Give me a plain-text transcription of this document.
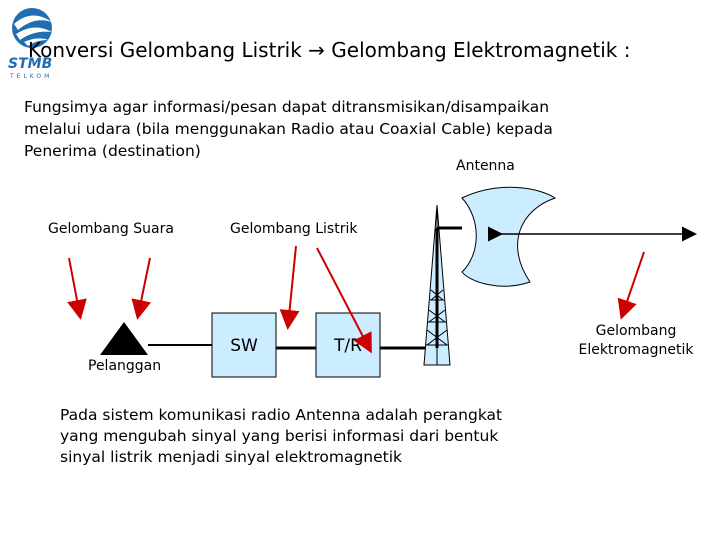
STMB
TELKOM
Konversi Gelombang Listrik → Gelombang Elektromagnetik :

Fungsimya agar informasi/pesan dapat ditransmisikan/disampaikan melalui udara (bila menggunakan Radio atau Coaxial Cable) kepada Penerima (destination)

SW	T/R
Antenna
Gelombang Suara	Gelombang Listrik
Pelanggan
Gelombang Elektromagnetik

Pada sistem komunikasi radio Antenna adalah perangkat yang mengubah sinyal yang berisi informasi dari bentuk sinyal listrik menjadi sinyal elektromagnetik
